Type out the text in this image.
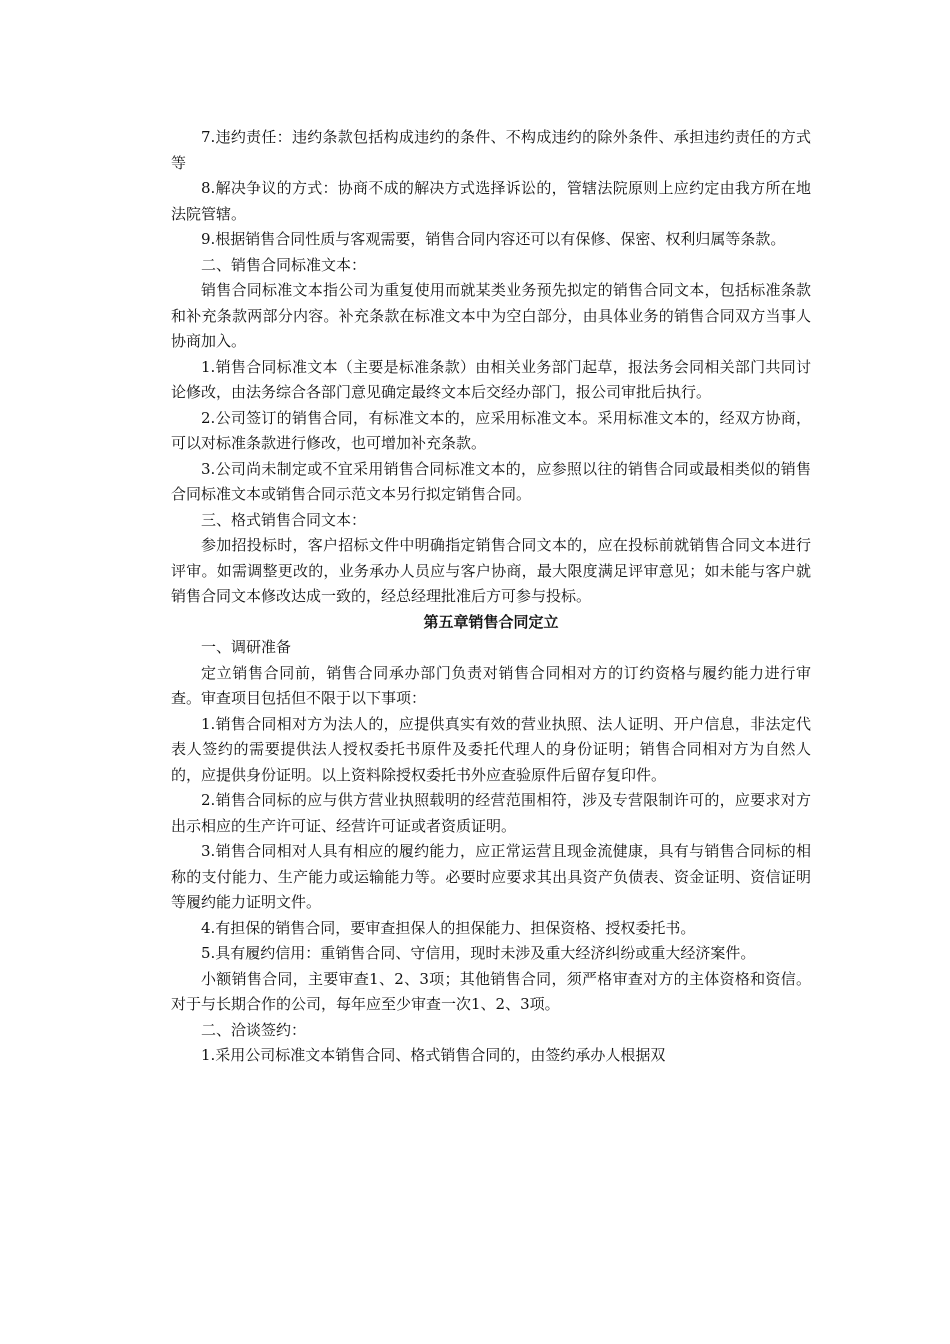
7.违约责任：违约条款包括构成违约的条件、不构成违约的除外条件、承担违约责任的方式等

8.解决争议的方式：协商不成的解决方式选择诉讼的，管辖法院原则上应约定由我方所在地法院管辖。

9.根据销售合同性质与客观需要，销售合同内容还可以有保修、保密、权利归属等条款。

二、销售合同标准文本：

销售合同标准文本指公司为重复使用而就某类业务预先拟定的销售合同文本，包括标准条款和补充条款两部分内容。补充条款在标准文本中为空白部分，由具体业务的销售合同双方当事人协商加入。

1.销售合同标准文本（主要是标准条款）由相关业务部门起草，报法务会同相关部门共同讨论修改，由法务综合各部门意见确定最终文本后交经办部门，报公司审批后执行。

2.公司签订的销售合同，有标准文本的，应采用标准文本。采用标准文本的，经双方协商，可以对标准条款进行修改，也可增加补充条款。

3.公司尚未制定或不宜采用销售合同标准文本的，应参照以往的销售合同或最相类似的销售合同标准文本或销售合同示范文本另行拟定销售合同。

三、格式销售合同文本：

参加招投标时，客户招标文件中明确指定销售合同文本的，应在投标前就销售合同文本进行评审。如需调整更改的，业务承办人员应与客户协商，最大限度满足评审意见；如未能与客户就销售合同文本修改达成一致的，经总经理批准后方可参与投标。

第五章销售合同定立

一、调研准备

定立销售合同前，销售合同承办部门负责对销售合同相对方的订约资格与履约能力进行审查。审查项目包括但不限于以下事项：

1.销售合同相对方为法人的，应提供真实有效的营业执照、法人证明、开户信息，非法定代表人签约的需要提供法人授权委托书原件及委托代理人的身份证明；销售合同相对方为自然人的，应提供身份证明。以上资料除授权委托书外应查验原件后留存复印件。

2.销售合同标的应与供方营业执照载明的经营范围相符，涉及专营限制许可的，应要求对方出示相应的生产许可证、经营许可证或者资质证明。

3.销售合同相对人具有相应的履约能力，应正常运营且现金流健康，具有与销售合同标的相称的支付能力、生产能力或运输能力等。必要时应要求其出具资产负债表、资金证明、资信证明等履约能力证明文件。

4.有担保的销售合同，要审查担保人的担保能力、担保资格、授权委托书。

5.具有履约信用：重销售合同、守信用，现时未涉及重大经济纠纷或重大经济案件。

小额销售合同，主要审查1、2、3项；其他销售合同，须严格审查对方的主体资格和资信。对于与长期合作的公司，每年应至少审查一次1、2、3项。

二、洽谈签约：

1.采用公司标准文本销售合同、格式销售合同的，由签约承办人根据双
